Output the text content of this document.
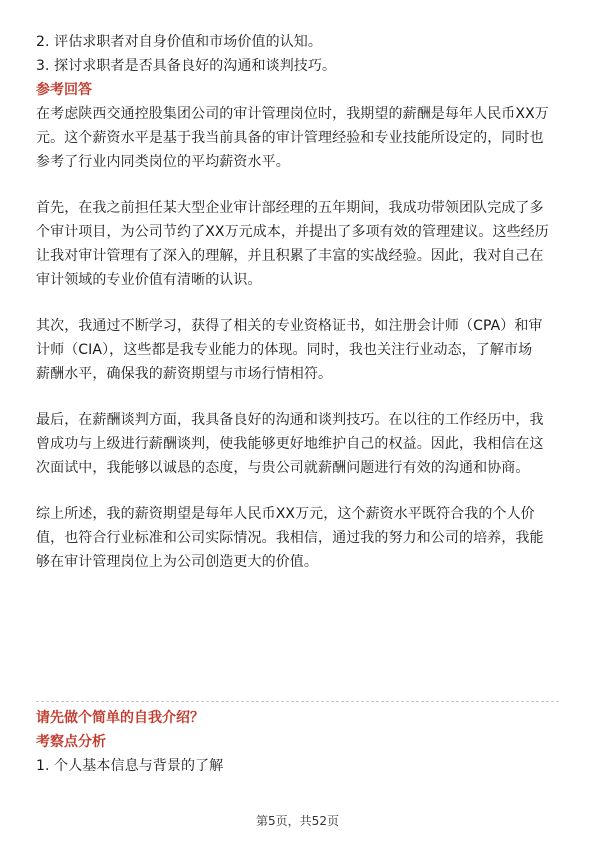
2. 评估求职者对自身价值和市场价值的认知。
3. 探讨求职者是否具备良好的沟通和谈判技巧。
参考回答
在考虑陕西交通控股集团公司的审计管理岗位时，我期望的薪酬是每年人民币XX万
元。这个薪资水平是基于我当前具备的审计管理经验和专业技能所设定的，同时也
参考了行业内同类岗位的平均薪资水平。
首先，在我之前担任某大型企业审计部经理的五年期间，我成功带领团队完成了多
个审计项目，为公司节约了XX万元成本，并提出了多项有效的管理建议。这些经历
让我对审计管理有了深入的理解，并且积累了丰富的实战经验。因此，我对自己在
审计领域的专业价值有清晰的认识。
其次，我通过不断学习，获得了相关的专业资格证书，如注册会计师（CPA）和审
计师（CIA），这些都是我专业能力的体现。同时，我也关注行业动态，了解市场
薪酬水平，确保我的薪资期望与市场行情相符。
最后，在薪酬谈判方面，我具备良好的沟通和谈判技巧。在以往的工作经历中，我
曾成功与上级进行薪酬谈判，使我能够更好地维护自己的权益。因此，我相信在这
次面试中，我能够以诚恳的态度，与贵公司就薪酬问题进行有效的沟通和协商。
综上所述，我的薪资期望是每年人民币XX万元，这个薪资水平既符合我的个人价
值，也符合行业标准和公司实际情况。我相信，通过我的努力和公司的培养，我能
够在审计管理岗位上为公司创造更大的价值。
请先做个简单的自我介绍？
考察点分析
1. 个人基本信息与背景的了解
第5页，共52页
